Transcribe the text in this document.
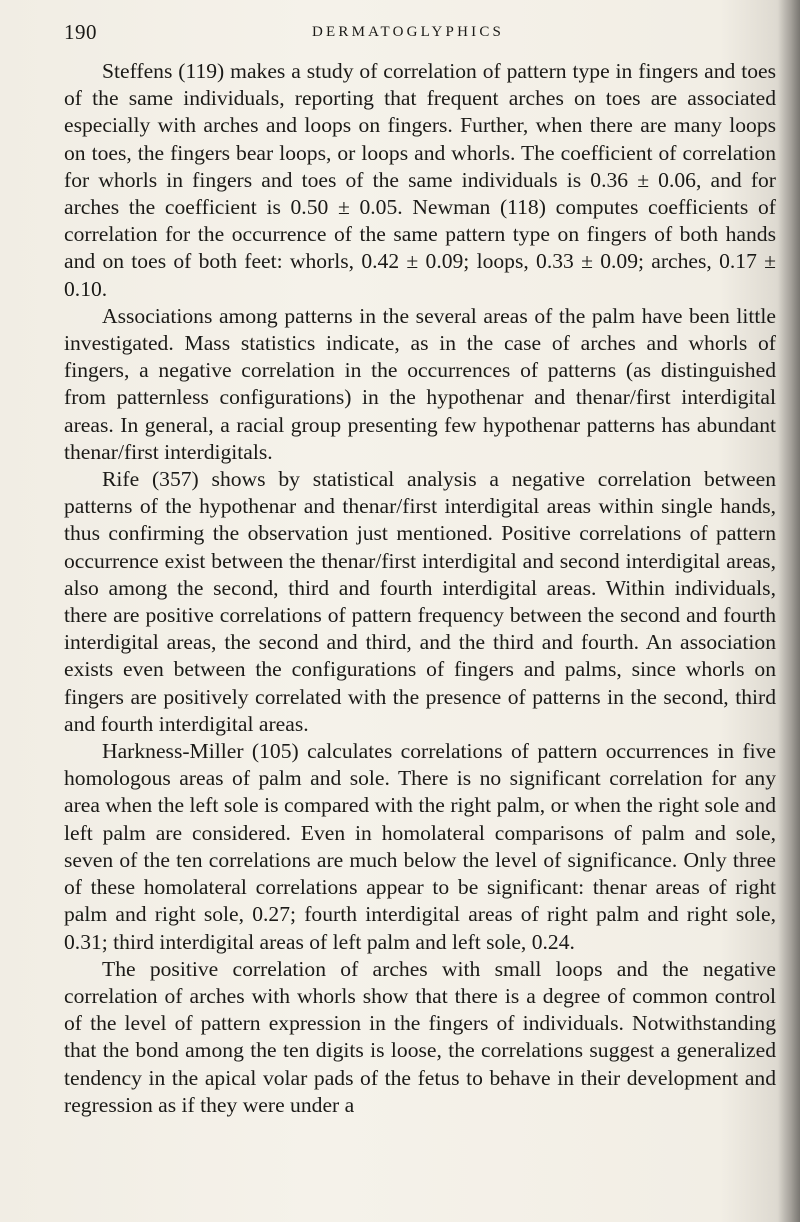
190	DERMATOGLYPHICS

Steffens (119) makes a study of correlation of pattern type in fingers and toes of the same individuals, reporting that frequent arches on toes are associated especially with arches and loops on fingers. Further, when there are many loops on toes, the fingers bear loops, or loops and whorls. The coefficient of correlation for whorls in fingers and toes of the same individuals is 0.36 ± 0.06, and for arches the coefficient is 0.50 ± 0.05. Newman (118) computes coefficients of correlation for the occurrence of the same pattern type on fingers of both hands and on toes of both feet: whorls, 0.42 ± 0.09; loops, 0.33 ± 0.09; arches, 0.17 ± 0.10.

Associations among patterns in the several areas of the palm have been little investigated. Mass statistics indicate, as in the case of arches and whorls of fingers, a negative correlation in the occurrences of patterns (as distinguished from patternless configurations) in the hypothenar and thenar/first interdigital areas. In general, a racial group presenting few hypothenar patterns has abundant thenar/first interdigitals.

Rife (357) shows by statistical analysis a negative correlation between patterns of the hypothenar and thenar/first interdigital areas within single hands, thus confirming the observation just mentioned. Positive correlations of pattern occurrence exist between the thenar/first interdigital and second interdigital areas, also among the second, third and fourth interdigital areas. Within individuals, there are positive correlations of pattern frequency between the second and fourth interdigital areas, the second and third, and the third and fourth. An association exists even between the configurations of fingers and palms, since whorls on fingers are positively correlated with the presence of patterns in the second, third and fourth interdigital areas.

Harkness-Miller (105) calculates correlations of pattern occurrences in five homologous areas of palm and sole. There is no significant correlation for any area when the left sole is compared with the right palm, or when the right sole and left palm are considered. Even in homolateral comparisons of palm and sole, seven of the ten correlations are much below the level of significance. Only three of these homolateral correlations appear to be significant: thenar areas of right palm and right sole, 0.27; fourth interdigital areas of right palm and right sole, 0.31; third interdigital areas of left palm and left sole, 0.24.

The positive correlation of arches with small loops and the negative correlation of arches with whorls show that there is a degree of common control of the level of pattern expression in the fingers of individuals. Notwithstanding that the bond among the ten digits is loose, the correlations suggest a generalized tendency in the apical volar pads of the fetus to behave in their development and regression as if they were under a
